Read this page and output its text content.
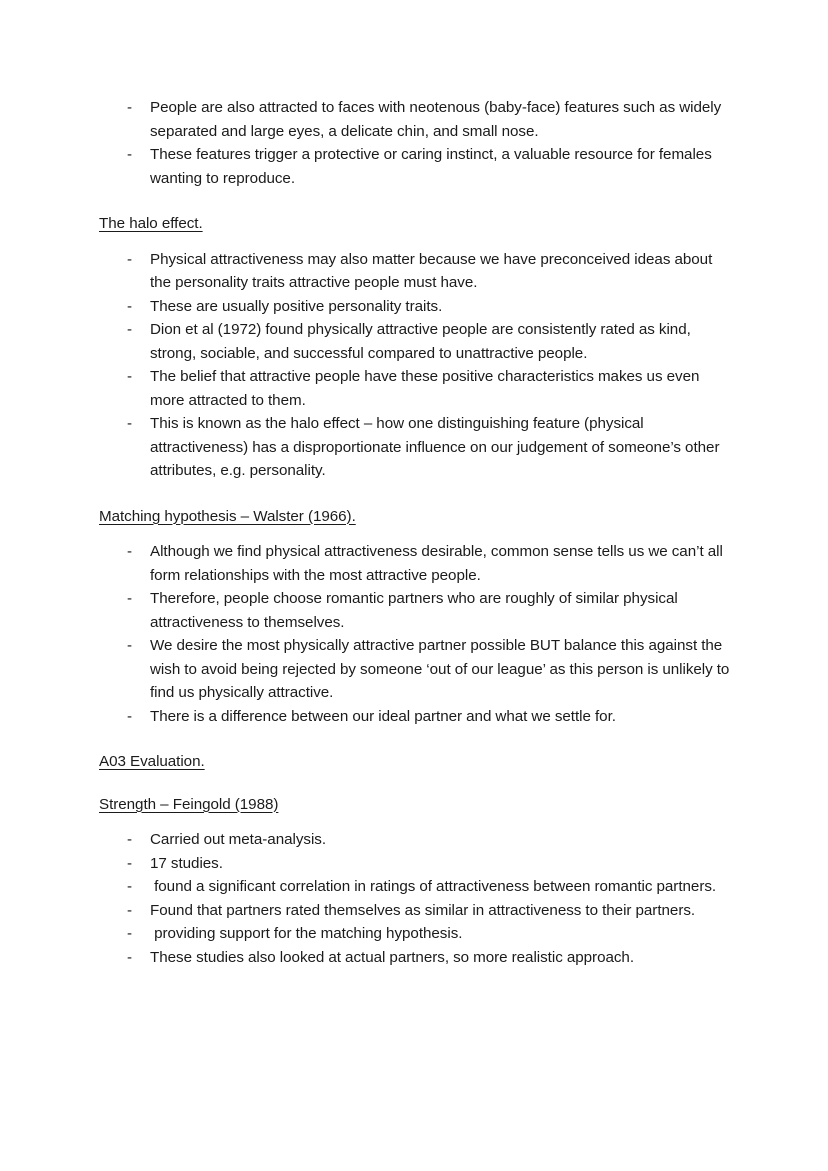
-	People are also attracted to faces with neotenous (baby-face) features such as widely separated and large eyes, a delicate chin, and small nose.
-	These features trigger a protective or caring instinct, a valuable resource for females wanting to reproduce.

The halo effect.

-	Physical attractiveness may also matter because we have preconceived ideas about the personality traits attractive people must have.
-	These are usually positive personality traits.
-	Dion et al (1972) found physically attractive people are consistently rated as kind, strong, sociable, and successful compared to unattractive people.
-	The belief that attractive people have these positive characteristics makes us even more attracted to them.
-	This is known as the halo effect – how one distinguishing feature (physical attractiveness) has a disproportionate influence on our judgement of someone’s other attributes, e.g. personality.

Matching hypothesis – Walster (1966).

-	Although we find physical attractiveness desirable, common sense tells us we can’t all form relationships with the most attractive people.
-	Therefore, people choose romantic partners who are roughly of similar physical attractiveness to themselves.
-	We desire the most physically attractive partner possible BUT balance this against the wish to avoid being rejected by someone ‘out of our league’ as this person is unlikely to find us physically attractive.
-	There is a difference between our ideal partner and what we settle for.

A03 Evaluation.

Strength – Feingold (1988)

-	Carried out meta-analysis.
-	17 studies.
-	found a significant correlation in ratings of attractiveness between romantic partners.
-	Found that partners rated themselves as similar in attractiveness to their partners.
-	providing support for the matching hypothesis.
-	These studies also looked at actual partners, so more realistic approach.
